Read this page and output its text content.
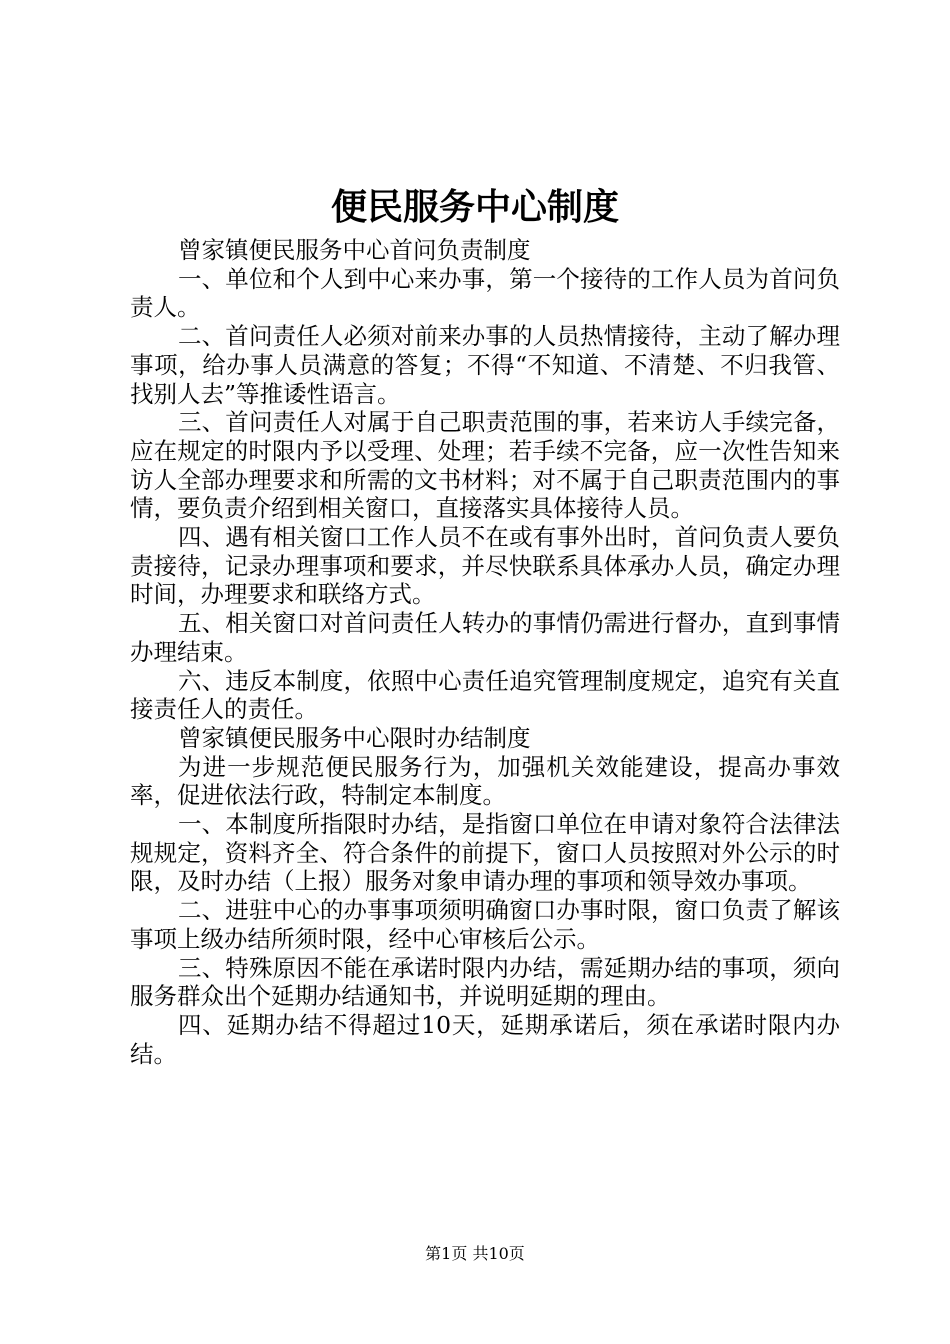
便民服务中心制度

曾家镇便民服务中心首问负责制度

一、单位和个人到中心来办事，第一个接待的工作人员为首问负责人。

二、首问责任人必须对前来办事的人员热情接待，主动了解办理事项，给办事人员满意的答复；不得“不知道、不清楚、不归我管、找别人去”等推诿性语言。

三、首问责任人对属于自己职责范围的事，若来访人手续完备，应在规定的时限内予以受理、处理；若手续不完备，应一次性告知来访人全部办理要求和所需的文书材料；对不属于自己职责范围内的事情，要负责介绍到相关窗口，直接落实具体接待人员。

四、遇有相关窗口工作人员不在或有事外出时，首问负责人要负责接待，记录办理事项和要求，并尽快联系具体承办人员，确定办理时间，办理要求和联络方式。

五、相关窗口对首问责任人转办的事情仍需进行督办，直到事情办理结束。

六、违反本制度，依照中心责任追究管理制度规定，追究有关直接责任人的责任。

曾家镇便民服务中心限时办结制度

为进一步规范便民服务行为，加强机关效能建设，提高办事效率，促进依法行政，特制定本制度。

一、本制度所指限时办结，是指窗口单位在申请对象符合法律法规规定，资料齐全、符合条件的前提下，窗口人员按照对外公示的时限，及时办结（上报）服务对象申请办理的事项和领导效办事项。

二、进驻中心的办事事项须明确窗口办事时限，窗口负责了解该事项上级办结所须时限，经中心审核后公示。

三、特殊原因不能在承诺时限内办结，需延期办结的事项，须向服务群众出个延期办结通知书，并说明延期的理由。

四、延期办结不得超过10天，延期承诺后，须在承诺时限内办结。

第1页 共10页
